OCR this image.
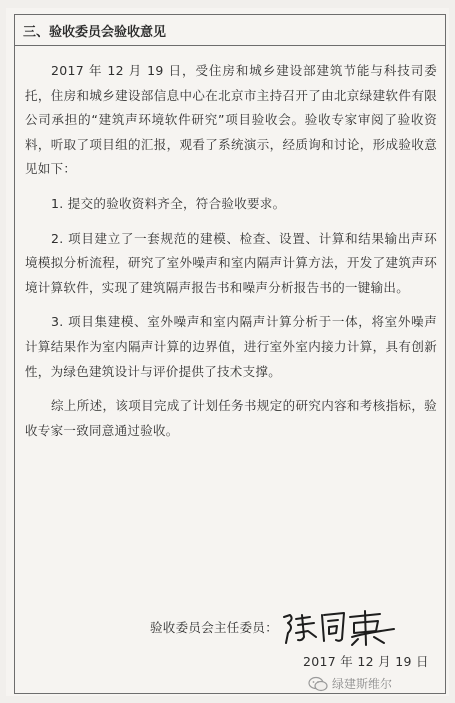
三、验收委员会验收意见

2017 年 12 月 19 日，受住房和城乡建设部建筑节能与科技司委托，住房和城乡建设部信息中心在北京市主持召开了由北京绿建软件有限公司承担的“建筑声环境软件研究”项目验收会。验收专家审阅了验收资料，听取了项目组的汇报，观看了系统演示，经质询和讨论，形成验收意见如下：

1. 提交的验收资料齐全，符合验收要求。

2. 项目建立了一套规范的建模、检查、设置、计算和结果输出声环境模拟分析流程，研究了室外噪声和室内隔声计算方法，开发了建筑声环境计算软件，实现了建筑隔声报告书和噪声分析报告书的一键输出。

3. 项目集建模、室外噪声和室内隔声计算分析于一体，将室外噪声计算结果作为室内隔声计算的边界值，进行室外室内接力计算，具有创新性，为绿色建筑设计与评价提供了技术支撑。

综上所述，该项目完成了计划任务书规定的研究内容和考核指标，验收专家一致同意通过验收。

验收委员会主任委员：
2017 年 12 月 19 日
绿建斯维尔
